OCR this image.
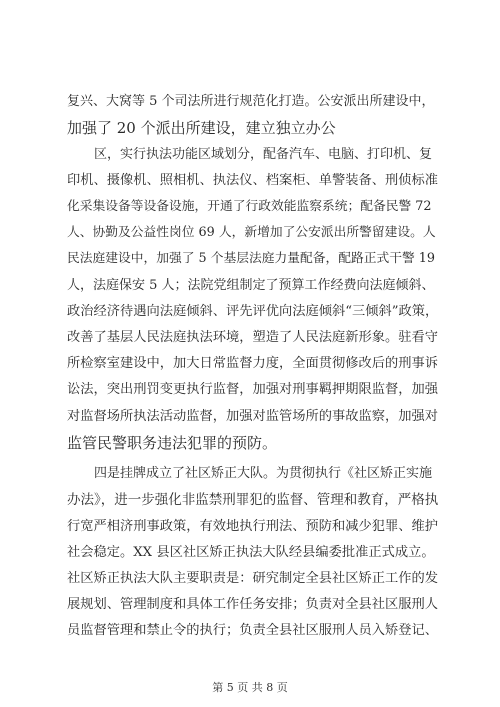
复兴、大窝等 5 个司法所进行规范化打造。公安派出所建设中，
加强了 20 个派出所建设，建立独立办公
区，实行执法功能区域划分，配备汽车、电脑、打印机、复
印机、摄像机、照相机、执法仪、档案柜、单警装备、刑侦标准
化采集设备等设备设施，开通了行政效能监察系统；配备民警 72
人、协勤及公益性岗位 69 人，新增加了公安派出所警留建设。人
民法庭建设中，加强了 5 个基层法庭力量配备，配路正式干警 19
人，法庭保安 5 人；法院党组制定了预算工作经费向法庭倾斜、
政治经济待遇向法庭倾斜、评先评优向法庭倾斜“三倾斜”政策，
改善了基层人民法庭执法环境，塑造了人民法庭新形象。驻看守
所检察室建设中，加大日常监督力度，全面贯彻修改后的刑事诉
讼法，突出刑罚变更执行监督，加强对刑事羁押期限监督，加强
对监督场所执法活动监督，加强对监管场所的事故监察，加强对
监管民警职务违法犯罪的预防。
四是挂牌成立了社区矫正大队。为贯彻执行《社区矫正实施
办法》，进一步强化非监禁刑罪犯的监督、管理和教育，严格执
行宽严相济刑事政策，有效地执行刑法、预防和减少犯罪、维护
社会稳定。XX 县区社区矫正执法大队经县编委批准正式成立。
社区矫正执法大队主要职责是：研究制定全县社区矫正工作的发
展规划、管理制度和具体工作任务安排；负责对全县社区服刑人
员监督管理和禁止令的执行；负责全县社区服刑人员入矫登记、
第 5 页 共 8 页
